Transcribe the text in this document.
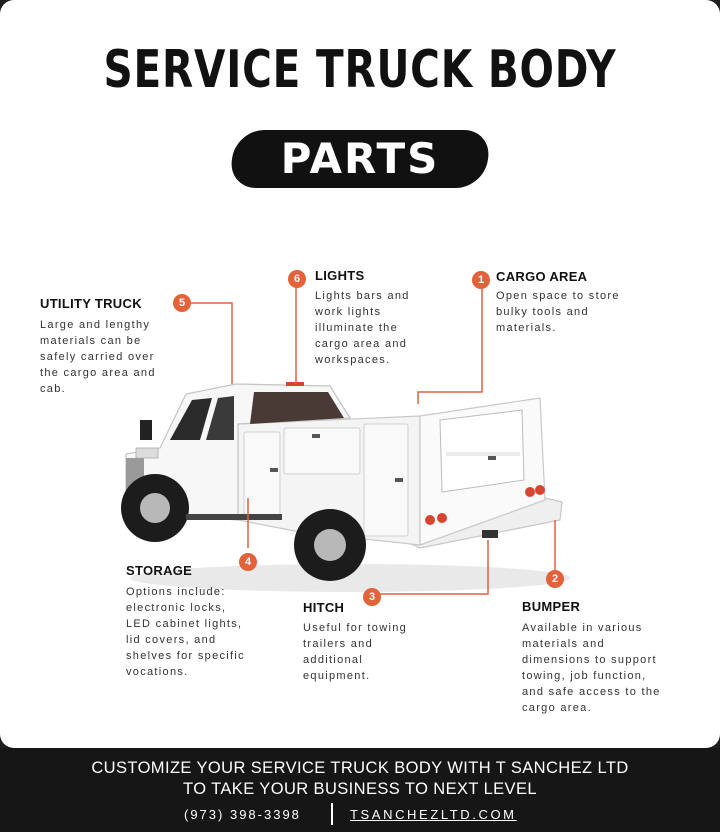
SERVICE TRUCK BODY
PARTS
UTILITY TRUCK	5
Large and lengthy
materials can be
safely carried over
the cargo area and
cab.
6	LIGHTS
Lights bars and
work lights
illuminate the
cargo area and
workspaces.
1 CARGO AREA
Open space to store
bulky tools and
materials.
4
STORAGE
Options include:
electronic locks,
LED cabinet lights,
lid covers, and
shelves for specific
vocations.
3
HITCH
Useful for towing
trailers and
additional
equipment.
2
BUMPER
Available in various
materials and
dimensions to support
towing, job function,
and safe access to the
cargo area.
CUSTOMIZE YOUR SERVICE TRUCK BODY WITH T SANCHEZ LTD
TO TAKE YOUR BUSINESS TO NEXT LEVEL
(973) 398-3398	TSANCHEZLTD.COM
